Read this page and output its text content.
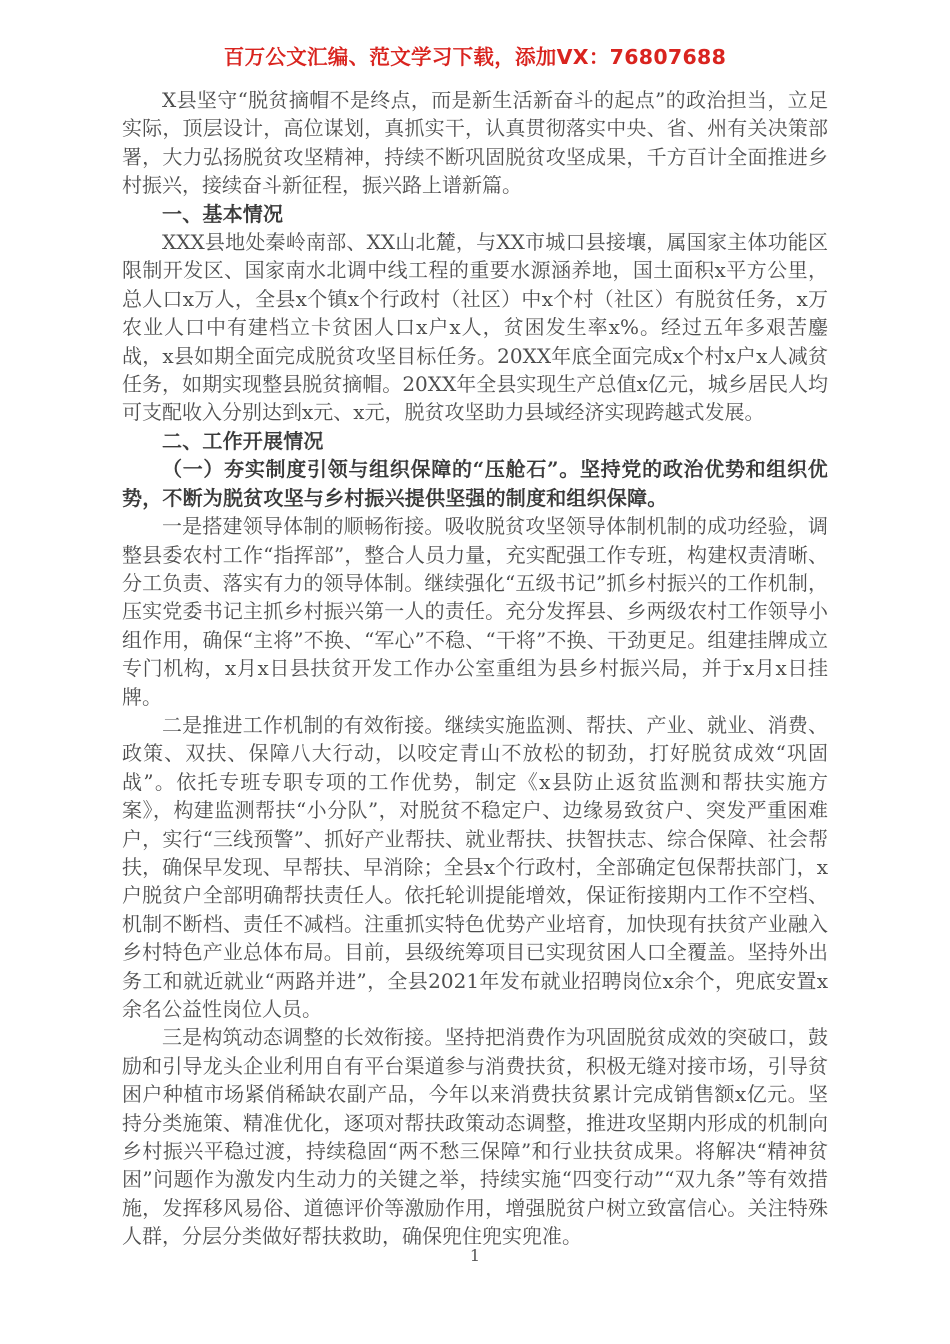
百万公文汇编、范文学习下载，添加VX：76807688

X县坚守“脱贫摘帽不是终点，而是新生活新奋斗的起点”的政治担当，立足实际，顶层设计，高位谋划，真抓实干，认真贯彻落实中央、省、州有关决策部署，大力弘扬脱贫攻坚精神，持续不断巩固脱贫攻坚成果，千方百计全面推进乡村振兴，接续奋斗新征程，振兴路上谱新篇。

一、基本情况

XXX县地处秦岭南部、XX山北麓，与XX市城口县接壤，属国家主体功能区限制开发区、国家南水北调中线工程的重要水源涵养地，国土面积x平方公里，总人口x万人，全县x个镇x个行政村（社区）中x个村（社区）有脱贫任务，x万农业人口中有建档立卡贫困人口x户x人，贫困发生率x%。经过五年多艰苦鏖战，x县如期全面完成脱贫攻坚目标任务。20XX年底全面完成x个村x户x人减贫任务，如期实现整县脱贫摘帽。20XX年全县实现生产总值x亿元，城乡居民人均可支配收入分别达到x元、x元，脱贫攻坚助力县域经济实现跨越式发展。

二、工作开展情况

（一）夯实制度引领与组织保障的“压舱石”。坚持党的政治优势和组织优势，不断为脱贫攻坚与乡村振兴提供坚强的制度和组织保障。

一是搭建领导体制的顺畅衔接。吸收脱贫攻坚领导体制机制的成功经验，调整县委农村工作“指挥部”，整合人员力量，充实配强工作专班，构建权责清晰、分工负责、落实有力的领导体制。继续强化“五级书记”抓乡村振兴的工作机制，压实党委书记主抓乡村振兴第一人的责任。充分发挥县、乡两级农村工作领导小组作用，确保“主将”不换、“军心”不稳、“干将”不换、干劲更足。组建挂牌成立专门机构，x月x日县扶贫开发工作办公室重组为县乡村振兴局，并于x月x日挂牌。

二是推进工作机制的有效衔接。继续实施监测、帮扶、产业、就业、消费、政策、双扶、保障八大行动，以咬定青山不放松的韧劲，打好脱贫成效“巩固战”。依托专班专职专项的工作优势，制定《x县防止返贫监测和帮扶实施方案》，构建监测帮扶“小分队”，对脱贫不稳定户、边缘易致贫户、突发严重困难户，实行“三线预警”、抓好产业帮扶、就业帮扶、扶智扶志、综合保障、社会帮扶，确保早发现、早帮扶、早消除；全县x个行政村，全部确定包保帮扶部门，x户脱贫户全部明确帮扶责任人。依托轮训提能增效，保证衔接期内工作不空档、机制不断档、责任不减档。注重抓实特色优势产业培育，加快现有扶贫产业融入乡村特色产业总体布局。目前，县级统筹项目已实现贫困人口全覆盖。坚持外出务工和就近就业“两路并进”，全县2021年发布就业招聘岗位x余个，兜底安置x余名公益性岗位人员。

三是构筑动态调整的长效衔接。坚持把消费作为巩固脱贫成效的突破口，鼓励和引导龙头企业利用自有平台渠道参与消费扶贫，积极无缝对接市场，引导贫困户种植市场紧俏稀缺农副产品，今年以来消费扶贫累计完成销售额x亿元。坚持分类施策、精准优化，逐项对帮扶政策动态调整，推进攻坚期内形成的机制向乡村振兴平稳过渡，持续稳固“两不愁三保障”和行业扶贫成果。将解决“精神贫困”问题作为激发内生动力的关键之举，持续实施“四变行动”“双九条”等有效措施，发挥移风易俗、道德评价等激励作用，增强脱贫户树立致富信心。关注特殊人群，分层分类做好帮扶救助，确保兜住兜实兜准。

1
